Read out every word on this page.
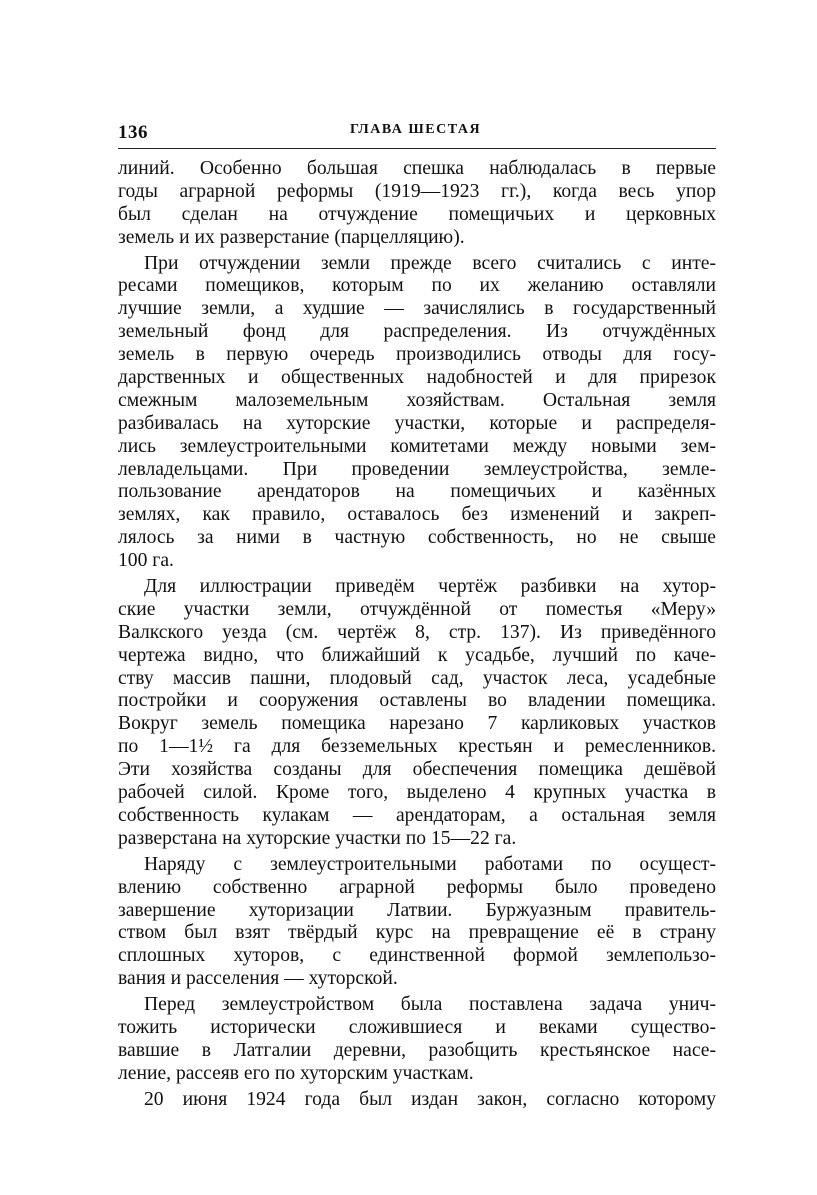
136	ГЛАВА ШЕСТАЯ
линий. Особенно большая спешка наблюдалась в первые
годы аграрной реформы (1919—1923 гг.), когда весь упор
был сделан на отчуждение помещичьих и церковных
земель и их разверстание (парцелляцию).
При отчуждении земли прежде всего считались с инте-
ресами помещиков, которым по их желанию оставляли
лучшие земли, а худшие — зачислялись в государственный
земельный фонд для распределения. Из отчуждённых
земель в первую очередь производились отводы для госу-
дарственных и общественных надобностей и для прирезок
смежным малоземельным хозяйствам. Остальная земля
разбивалась на хуторские участки, которые и распределя-
лись землеустроительными комитетами между новыми зем-
левладельцами. При проведении землеустройства, земле-
пользование арендаторов на помещичьих и казённых
землях, как правило, оставалось без изменений и закреп-
лялось за ними в частную собственность, но не свыше
100 га.
Для иллюстрации приведём чертёж разбивки на хутор-
ские участки земли, отчуждённой от поместья «Меру»
Валкского уезда (см. чертёж 8, стр. 137). Из приведённого
чертежа видно, что ближайший к усадьбе, лучший по каче-
ству массив пашни, плодовый сад, участок леса, усадебные
постройки и сооружения оставлены во владении помещика.
Вокруг земель помещика нарезано 7 карликовых участков
по 1—1½ га для безземельных крестьян и ремесленников.
Эти хозяйства созданы для обеспечения помещика дешёвой
рабочей силой. Кроме того, выделено 4 крупных участка в
собственность кулакам — арендаторам, а остальная земля
разверстана на хуторские участки по 15—22 га.
Наряду с землеустроительными работами по осущест-
влению собственно аграрной реформы было проведено
завершение хуторизации Латвии. Буржуазным правитель-
ством был взят твёрдый курс на превращение её в страну
сплошных хуторов, с единственной формой землепользо-
вания и расселения — хуторской.
Перед землеустройством была поставлена задача унич-
тожить исторически сложившиеся и веками существо-
вавшие в Латгалии деревни, разобщить крестьянское насе-
ление, рассеяв его по хуторским участкам.
20 июня 1924 года был издан закон, согласно которому
